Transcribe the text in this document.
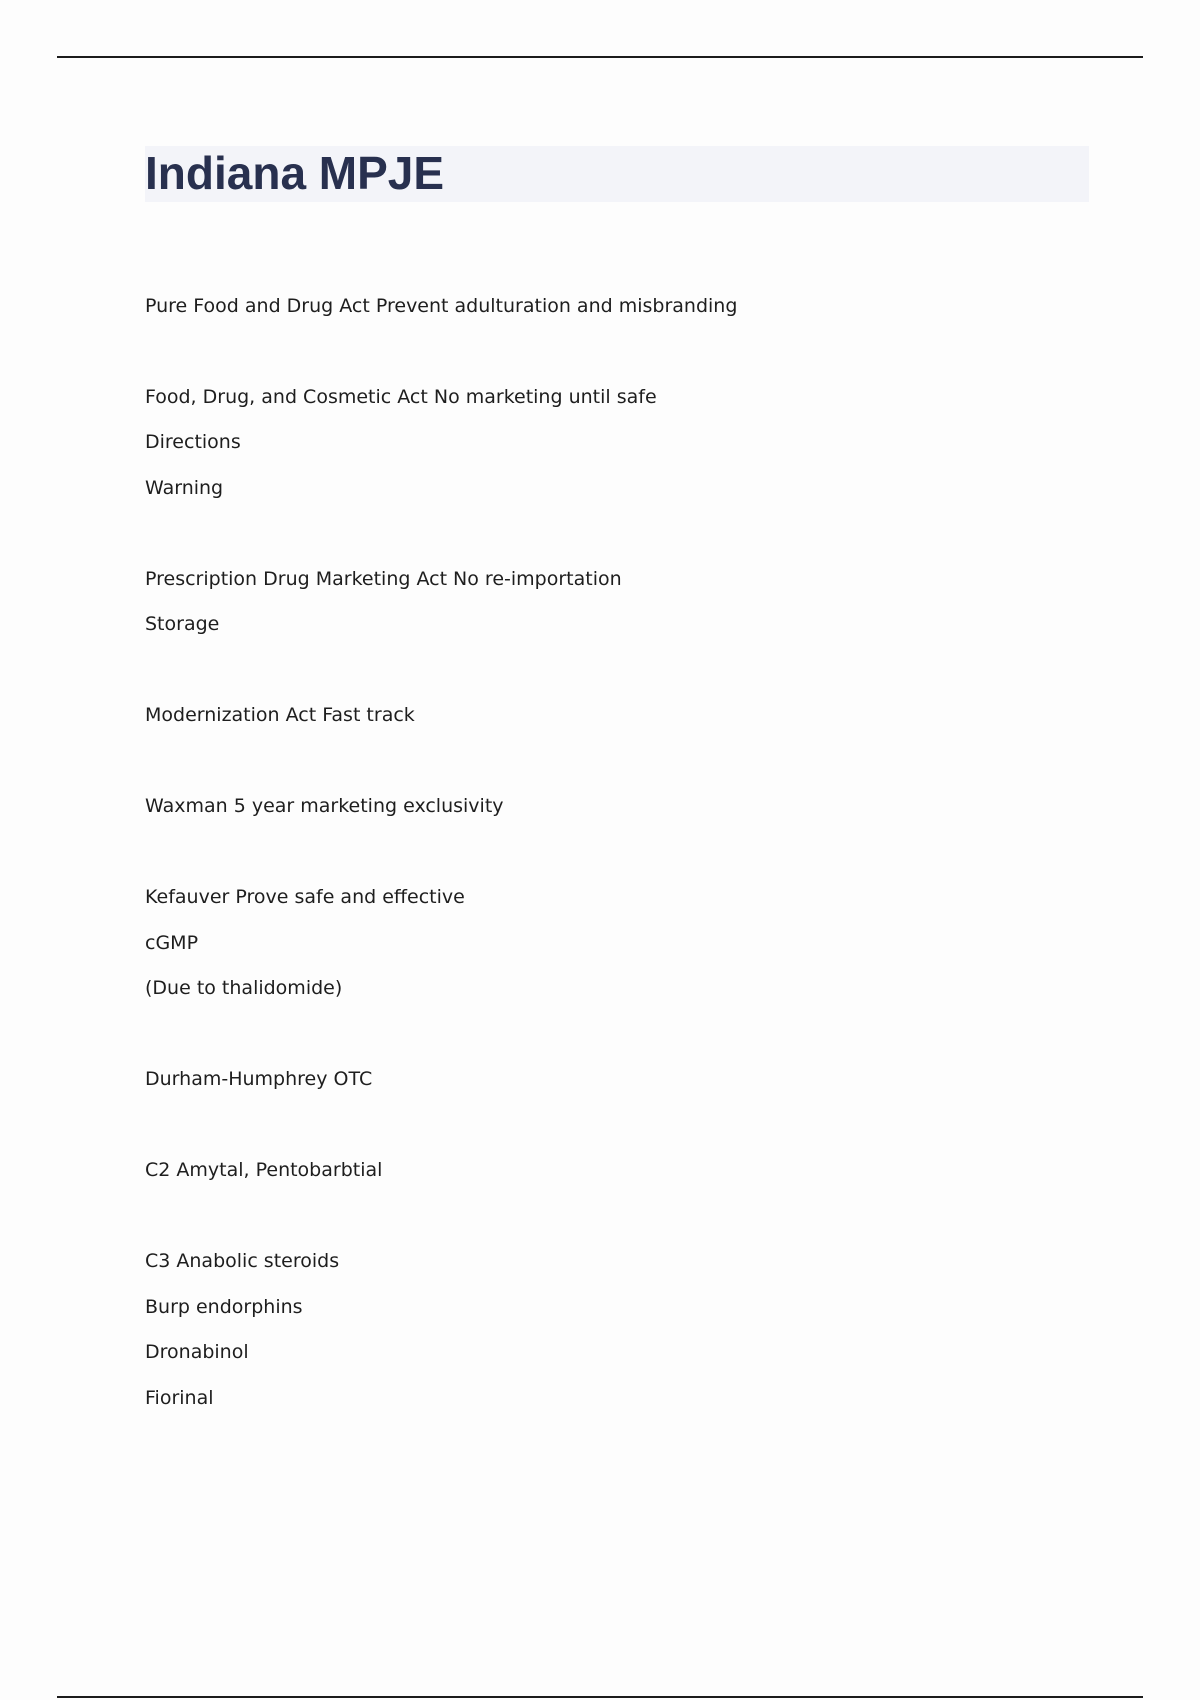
Indiana MPJE
Pure Food and Drug Act Prevent adulturation and misbranding
Food, Drug, and Cosmetic Act No marketing until safe
Directions
Warning
Prescription Drug Marketing Act No re-importation
Storage
Modernization Act Fast track
Waxman 5 year marketing exclusivity
Kefauver Prove safe and effective
cGMP
(Due to thalidomide)
Durham-Humphrey OTC
C2 Amytal, Pentobarbtial
C3 Anabolic steroids
Burp endorphins
Dronabinol
Fiorinal
